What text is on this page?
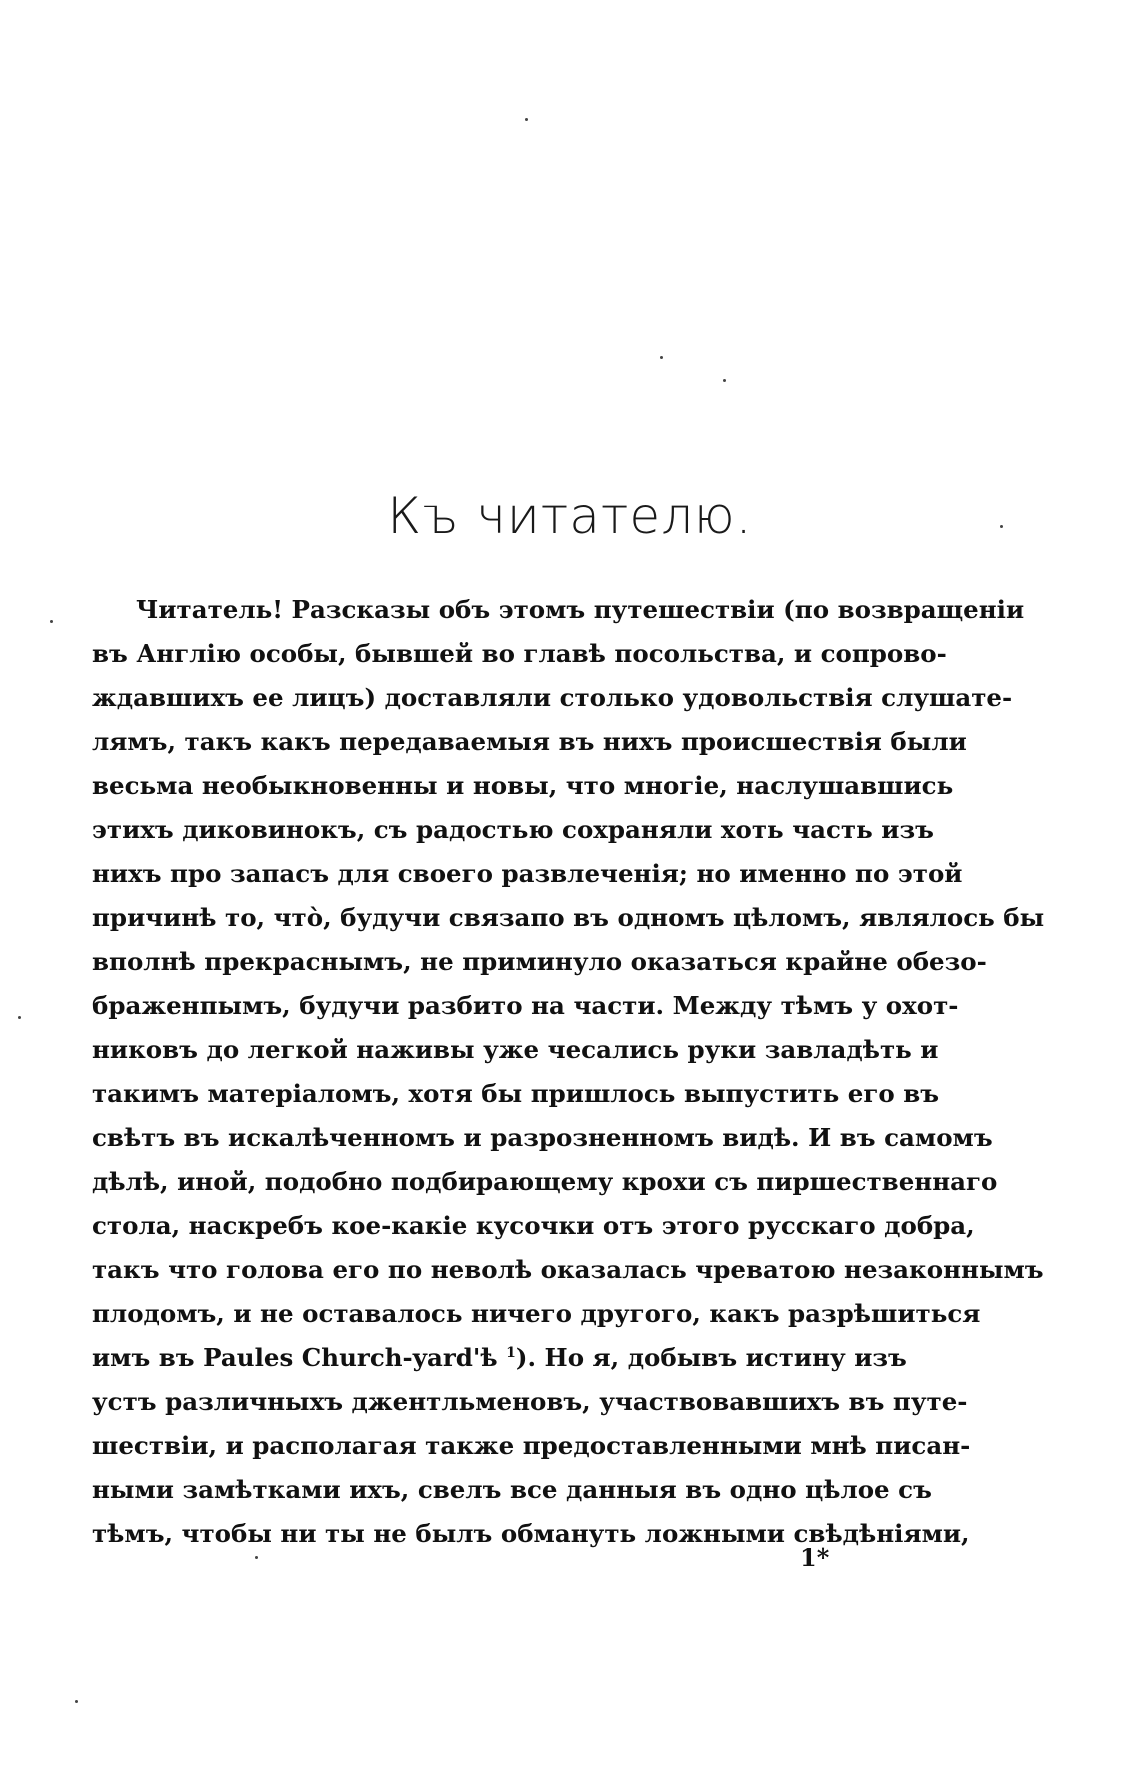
Къ читателю.
Читатель! Разсказы объ этомъ путешествіи (по возвращеніи
въ Англію особы, бывшей во главѣ посольства, и сопрово-
ждавшихъ ее лицъ) доставляли столько удовольствія слушате-
лямъ, такъ какъ передаваемыя въ нихъ происшествія были
весьма необыкновенны и новы, что многіе, наслушавшись
этихъ диковинокъ, съ радостью сохраняли хоть часть изъ
нихъ про запасъ для своего развлеченія; но именно по этой
причинѣ то, что̀, будучи связапо въ одномъ цѣломъ, являлось бы
вполнѣ прекраснымъ, не приминуло оказаться крайне обезо-
браженпымъ, будучи разбито на части. Между тѣмъ у охот-
никовъ до легкой наживы уже чесались руки завладѣть и
такимъ матеріаломъ, хотя бы пришлось выпустить его въ
свѣтъ въ искалѣченномъ и разрозненномъ видѣ. И въ самомъ
дѣлѣ, иной, подобно подбирающему крохи съ пиршественнаго
стола, наскребъ кое-какіе кусочки отъ этого русскаго добра,
такъ что голова его по неволѣ оказалась чреватою незаконнымъ
плодомъ, и не оставалось ничего другого, какъ разрѣшиться
имъ въ Paules Church-yard'ѣ $^1$). Но я, добывъ истину изъ
устъ различныхъ джентльменовъ, участвовавшихъ въ путе-
шествіи, и располагая также предоставленными мнѣ писан-
ными замѣтками ихъ, свелъ все данныя въ одно цѣлое съ
тѣмъ, чтобы ни ты не былъ обмануть ложными свѣдѣніями,
1*
